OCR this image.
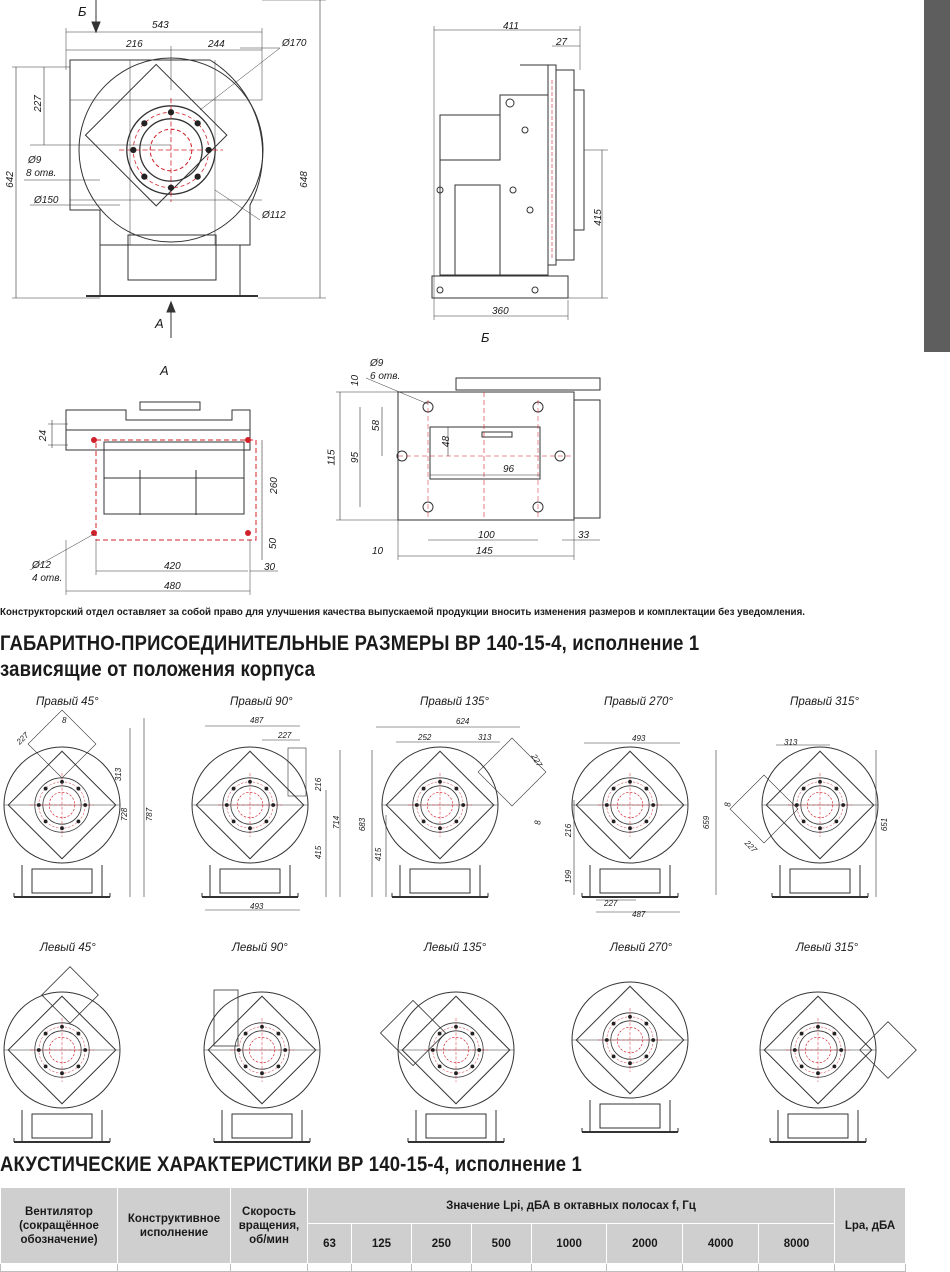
Б
543
216	244	Ø170
227
642	648
Ø9
8 отв.
Ø150
Ø112
А
411
27
415
360
Б
А
24
260
50
30
420
480
Ø12
4 отв.
Ø9
6 отв.
10
58
48
95
115
96
100	33
145
10
Конструкторский отдел оставляет за собой право для улучшения качества выпускаемой продукции вносить изменения размеров и комплектации без уведомления.
ГАБАРИТНО-ПРИСОЕДИНИТЕЛЬНЫЕ РАЗМЕРЫ ВР 140-15-4, исполнение 1
зависящие от положения корпуса
Правый 45°
8
227
313
728 787
Правый 90°
487
227
216
714
415
493
Правый 135°
624
252	313
227
683
415
8
Правый 270°
493
216
659
199
227
487
Правый 315°
313
8
227
651
Левый 45°	Левый 90°	Левый 135°	Левый 270°	Левый 315°
АКУСТИЧЕСКИЕ ХАРАКТЕРИСТИКИ ВР 140-15-4, исполнение 1
Вентилятор (сокращённое обозначение)	Конструктивное исполнение	Скорость вращения, об/мин	Значение Lpi, дБА в октавных полосах f, Гц								Lpa, дБА
			63	125	250	500	1000	2000	4000	8000	
